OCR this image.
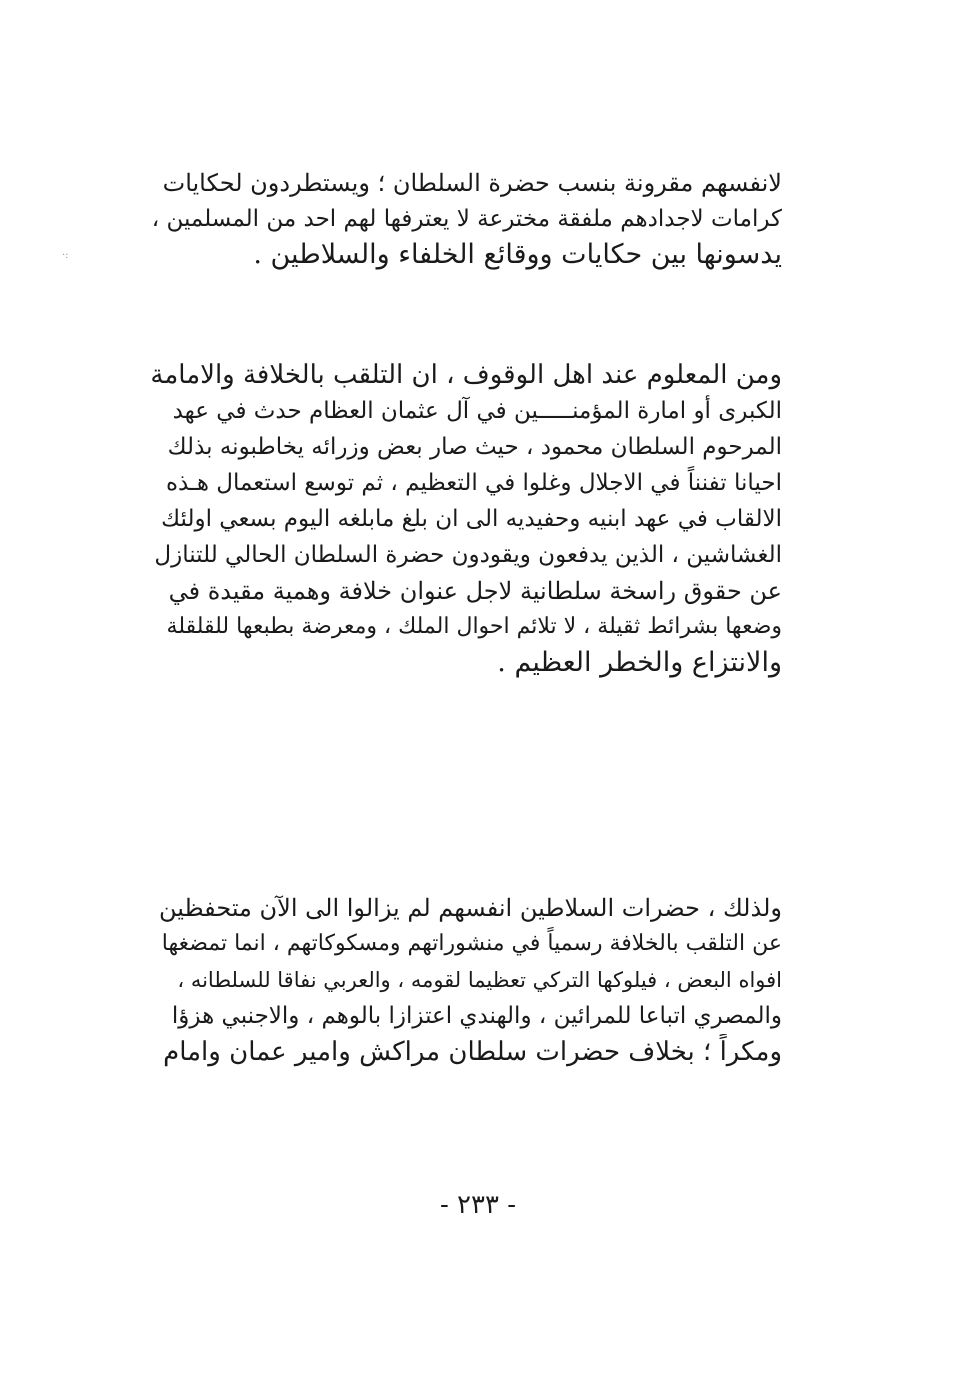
·:
لانفسهم مقرونة بنسب حضرة السلطان ؛ ويستطردون لحكايات
كرامات لاجدادهم ملفقة مخترعة لا يعترفها لهم احد من المسلمين ،
يدسونها بين حكايات ووقائع الخلفاء والسلاطين .
ومن المعلوم عند اهل الوقوف ، ان التلقب بالخلافة والامامة
الكبرى أو امارة المؤمنـــــين في آل عثمان العظام حدث في عهد
المرحوم السلطان محمود ، حيث صار بعض وزرائه يخاطبونه بذلك
احيانا تفنناً في الاجلال وغلوا في التعظيم ، ثم توسع استعمال هـذه
الالقاب في عهد ابنيه وحفيديه الى ان بلغ مابلغه اليوم بسعي اولئك
الغشاشين ، الذين يدفعون ويقودون حضرة السلطان الحالي للتنازل
عن حقوق راسخة سلطانية لاجل عنوان خلافة وهمية مقيدة في
وضعها بشرائط ثقيلة ، لا تلائم احوال الملك ، ومعرضة بطبعها للقلقلة
والانتزاع والخطر العظيم .
ولذلك ، حضرات السلاطين انفسهم لم يزالوا الى الآن متحفظين
عن التلقب بالخلافة رسمياً في منشوراتهم ومسكوكاتهم ، انما تمضغها
افواه البعض ، فيلوكها التركي تعظيما لقومه ، والعربي نفاقا للسلطانه ،
والمصري اتباعا للمرائين ، والهندي اعتزازا بالوهم ، والاجنبي هزؤا
ومكراً ؛ بخلاف حضرات سلطان مراكش وامير عمان وامام
- ٢٣٣ -
